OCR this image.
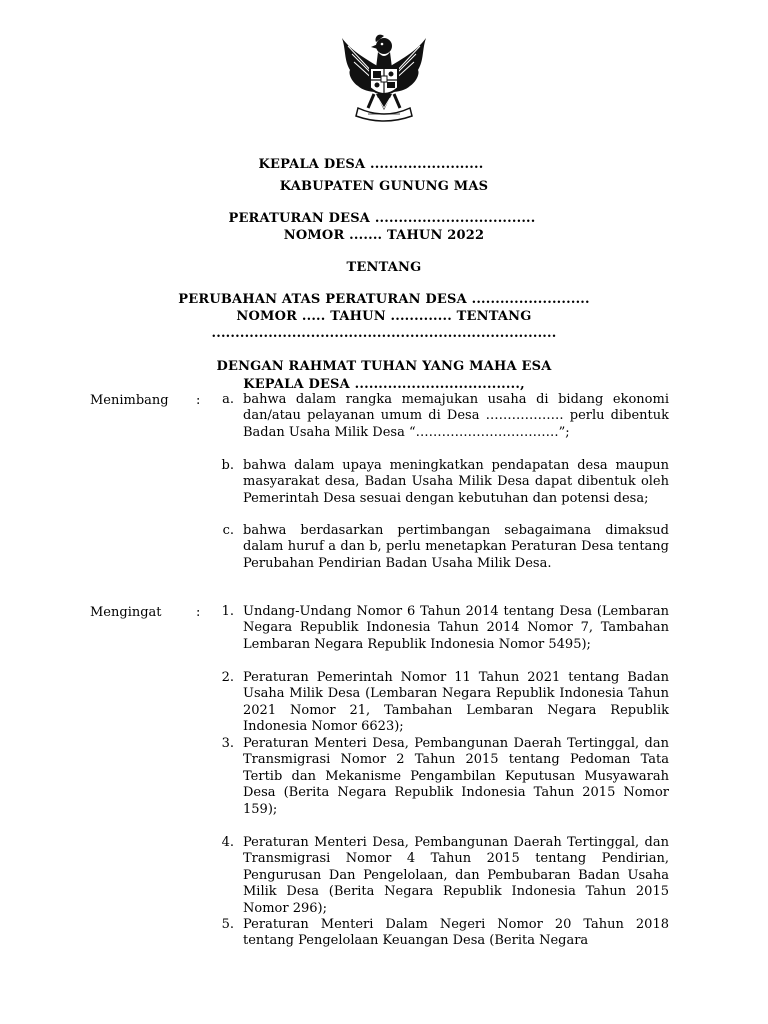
KEPALA DESA ........................
KABUPATEN GUNUNG MAS
PERATURAN DESA ..................................
NOMOR ....... TAHUN 2022
TENTANG
PERUBAHAN ATAS PERATURAN DESA .........................
NOMOR ..... TAHUN ............. TENTANG
.........................................................................
DENGAN RAHMAT TUHAN YANG MAHA ESA
KEPALA DESA ...................................,
Menimbang :	a. bahwa dalam rangka memajukan usaha di bidang ekonomi dan/atau pelayanan umum di Desa ……………… perlu dibentuk Badan Usaha Milik Desa “……………………………”;
b. bahwa dalam upaya meningkatkan pendapatan desa maupun masyarakat desa, Badan Usaha Milik Desa dapat dibentuk oleh Pemerintah Desa sesuai dengan kebutuhan dan potensi desa;
c. bahwa berdasarkan pertimbangan sebagaimana dimaksud dalam huruf a dan b, perlu menetapkan Peraturan Desa tentang Perubahan Pendirian Badan Usaha Milik Desa.
Mengingat	:	1. Undang-Undang Nomor 6 Tahun 2014 tentang Desa (Lembaran Negara Republik Indonesia Tahun 2014 Nomor 7, Tambahan Lembaran Negara Republik Indonesia Nomor 5495);
2. Peraturan Pemerintah Nomor 11 Tahun 2021 tentang Badan Usaha Milik Desa (Lembaran Negara Republik Indonesia Tahun 2021 Nomor 21, Tambahan Lembaran Negara Republik Indonesia Nomor 6623);
3. Peraturan Menteri Desa, Pembangunan Daerah Tertinggal, dan Transmigrasi Nomor 2 Tahun 2015 tentang Pedoman Tata Tertib dan Mekanisme Pengambilan Keputusan Musyawarah Desa (Berita Negara Republik Indonesia Tahun 2015 Nomor 159);
4. Peraturan Menteri Desa, Pembangunan Daerah Tertinggal, dan Transmigrasi Nomor 4 Tahun 2015 tentang Pendirian, Pengurusan Dan Pengelolaan, dan Pembubaran Badan Usaha Milik Desa (Berita Negara Republik Indonesia Tahun 2015 Nomor 296);
5. Peraturan Menteri Dalam Negeri Nomor 20 Tahun 2018 tentang Pengelolaan Keuangan Desa (Berita Negara
